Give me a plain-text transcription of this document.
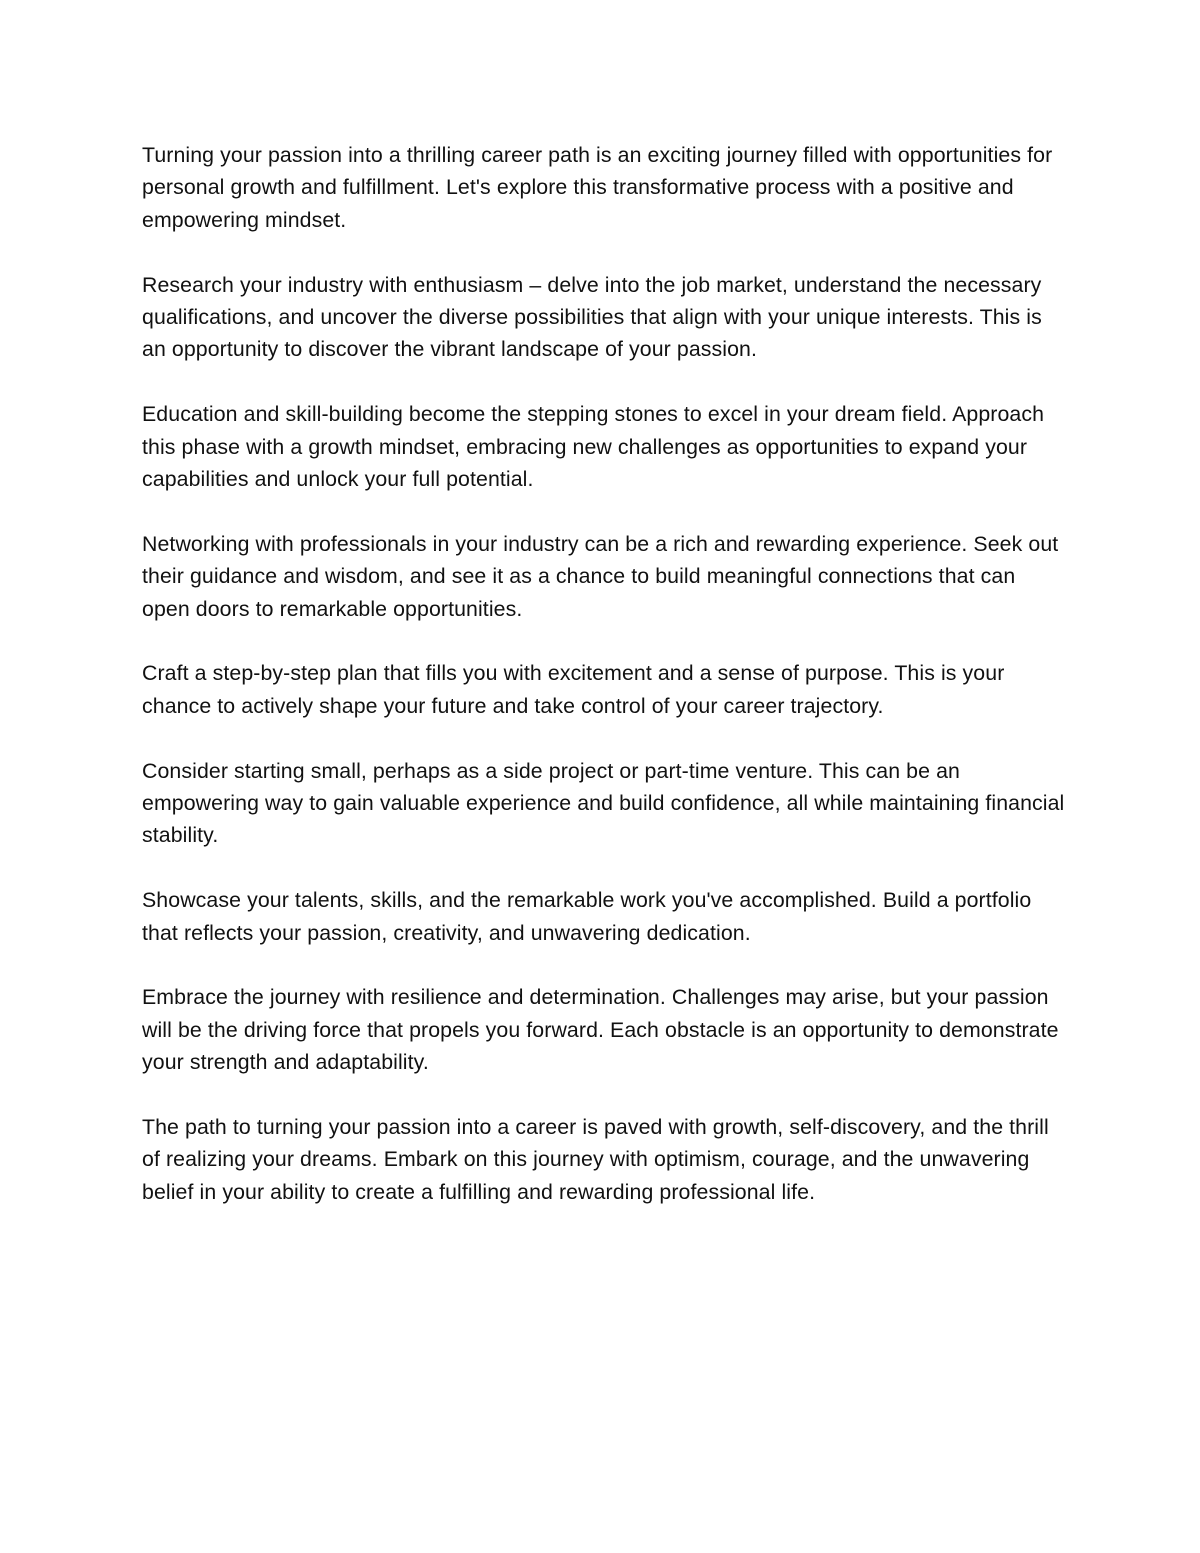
Turning your passion into a thrilling career path is an exciting journey filled with opportunities for personal growth and fulfillment. Let's explore this transformative process with a positive and empowering mindset.

Research your industry with enthusiasm – delve into the job market, understand the necessary qualifications, and uncover the diverse possibilities that align with your unique interests. This is an opportunity to discover the vibrant landscape of your passion.

Education and skill-building become the stepping stones to excel in your dream field. Approach this phase with a growth mindset, embracing new challenges as opportunities to expand your capabilities and unlock your full potential.

Networking with professionals in your industry can be a rich and rewarding experience. Seek out their guidance and wisdom, and see it as a chance to build meaningful connections that can open doors to remarkable opportunities.

Craft a step-by-step plan that fills you with excitement and a sense of purpose. This is your chance to actively shape your future and take control of your career trajectory.

Consider starting small, perhaps as a side project or part-time venture. This can be an empowering way to gain valuable experience and build confidence, all while maintaining financial stability.

Showcase your talents, skills, and the remarkable work you've accomplished. Build a portfolio that reflects your passion, creativity, and unwavering dedication.

Embrace the journey with resilience and determination. Challenges may arise, but your passion will be the driving force that propels you forward. Each obstacle is an opportunity to demonstrate your strength and adaptability.

The path to turning your passion into a career is paved with growth, self-discovery, and the thrill of realizing your dreams. Embark on this journey with optimism, courage, and the unwavering belief in your ability to create a fulfilling and rewarding professional life.
